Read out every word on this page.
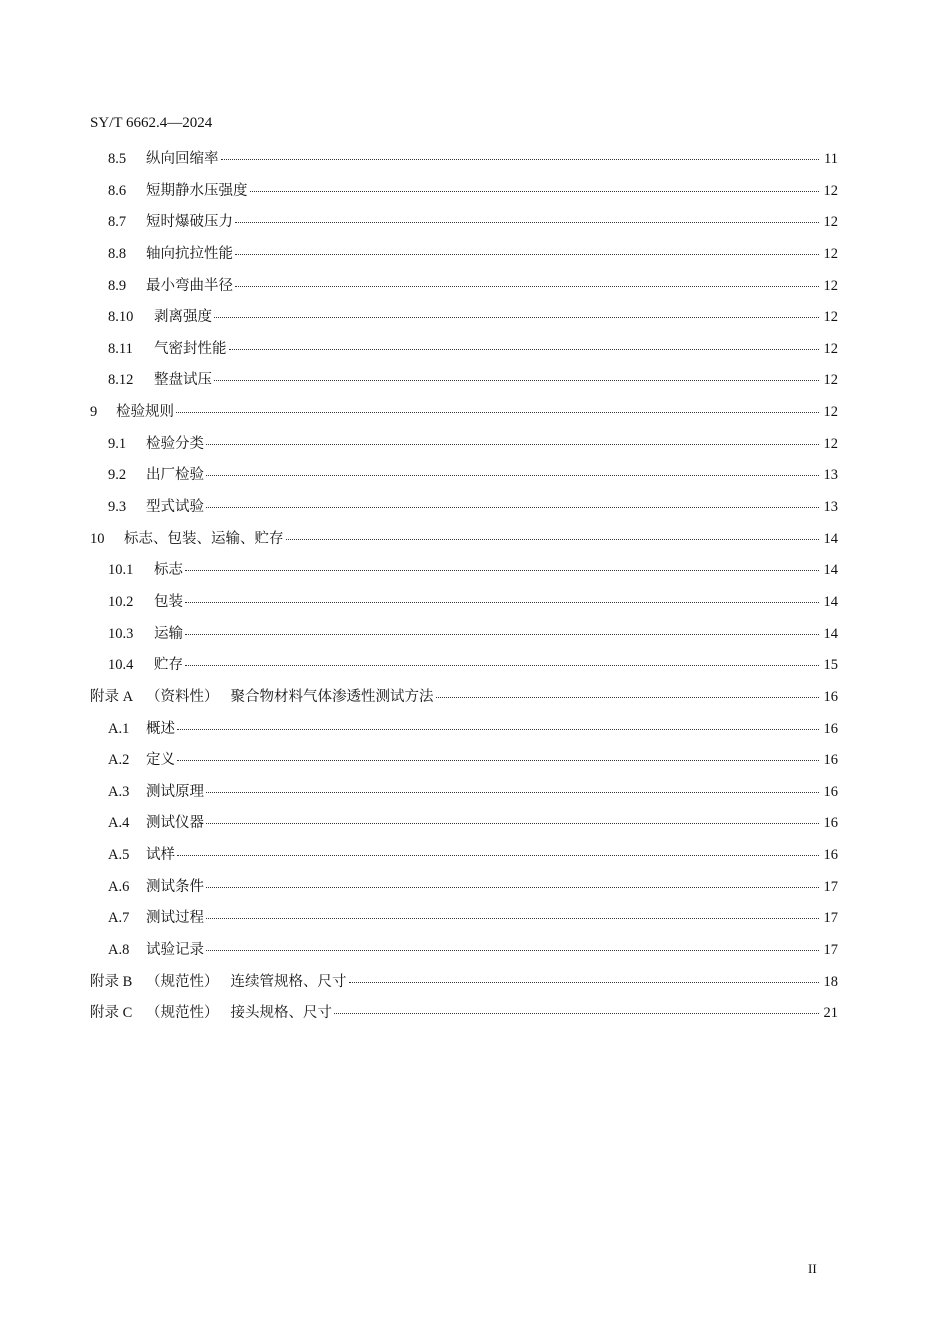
SY/T 6662.4—2024
8.5	纵向回缩率	11
8.6	短期静水压强度	12
8.7	短时爆破压力	12
8.8	轴向抗拉性能	12
8.9	最小弯曲半径	12
8.10	剥离强度	12
8.11	气密封性能	12
8.12	整盘试压	12
9	检验规则	12
9.1	检验分类	12
9.2	出厂检验	13
9.3	型式试验	13
10	标志、包装、运输、贮存	14
10.1	标志	14
10.2	包装	14
10.3	运输	14
10.4	贮存	15
附录 A （资料性） 聚合物材料气体渗透性测试方法	16
A.1	概述	16
A.2	定义	16
A.3	测试原理	16
A.4	测试仪器	16
A.5	试样	16
A.6	测试条件	17
A.7	测试过程	17
A.8	试验记录	17
附录 B （规范性） 连续管规格、尺寸	18
附录 C （规范性） 接头规格、尺寸	21
II
